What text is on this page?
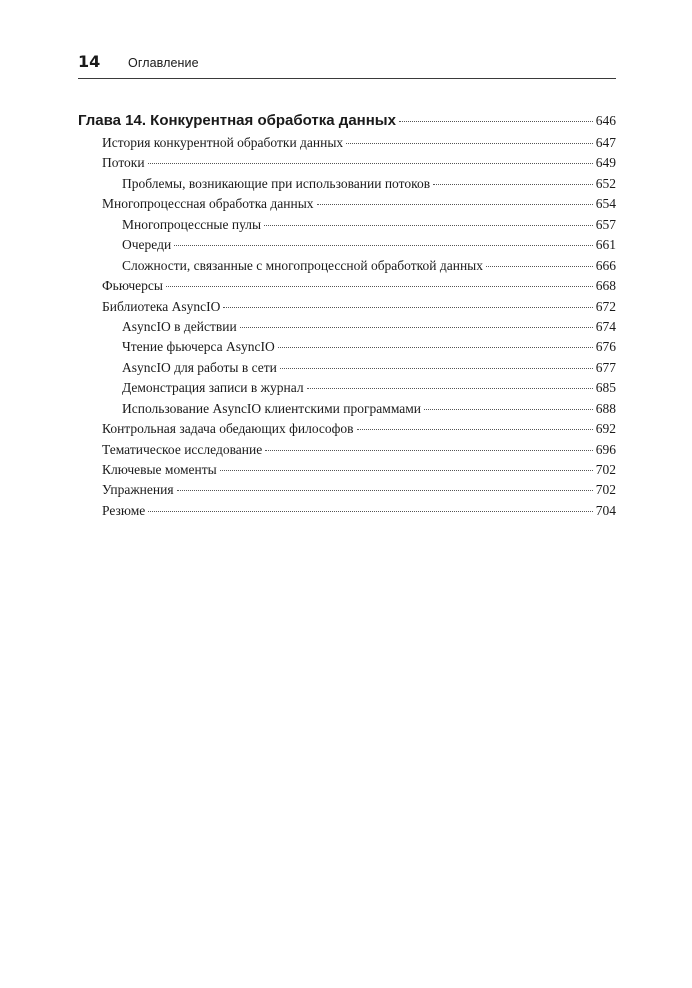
14 Оглавление
Глава 14. Конкурентная обработка данных	646
История конкурентной обработки данных	647
Потоки	649
Проблемы, возникающие при использовании потоков	652
Многопроцессная обработка данных	654
Многопроцессные пулы	657
Очереди	661
Сложности, связанные с многопроцессной обработкой данных	666
Фьючерсы	668
Библиотека AsyncIO	672
AsyncIO в действии	674
Чтение фьючерса AsyncIO	676
AsyncIO для работы в сети	677
Демонстрация записи в журнал	685
Использование AsyncIO клиентскими программами	688
Контрольная задача обедающих философов	692
Тематическое исследование	696
Ключевые моменты	702
Упражнения	702
Резюме	704
